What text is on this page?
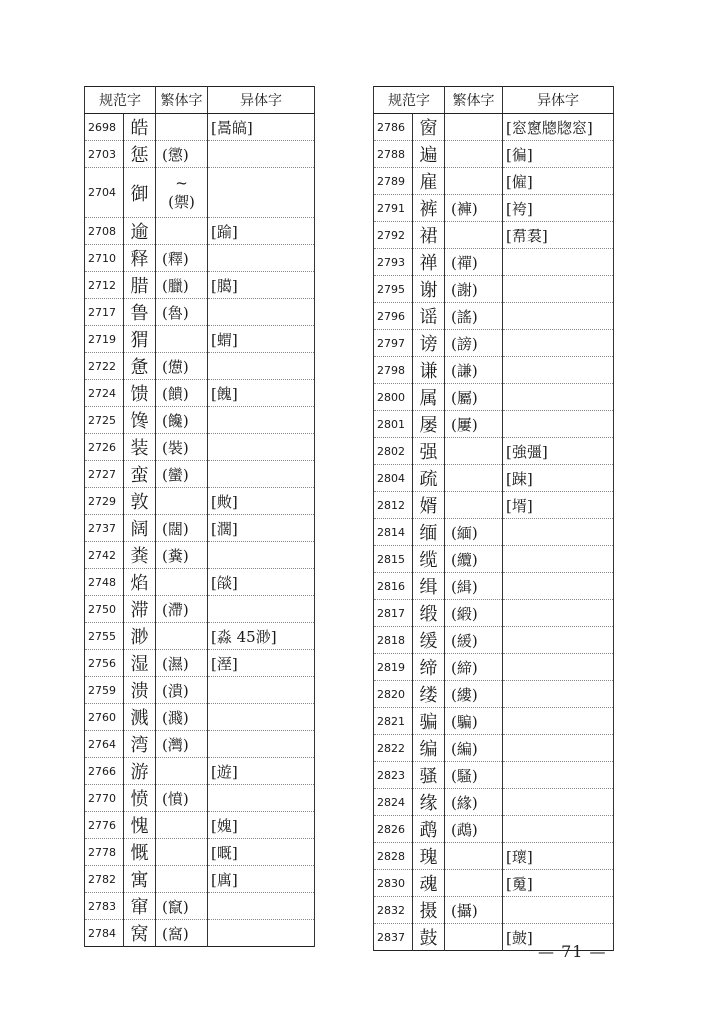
规范字		繁体字	异体字
2698	皓		[暠皜]
2703	惩	(懲)	
2704	御	~
(禦)	

2708	逾		[踰]
2710	释	(釋)	
2712	腊	(臘)	[臈]
2717	鲁	(魯)	
2719	猬		[蝟]
2722	惫	(憊)	
2724	馈	(饋)	[餽]
2725	馋	(饞)	
2726	装	(裝)	
2727	蛮	(蠻)	
2729	敦		[敟]
2737	阔	(闊)	[濶]
2742	粪	(糞)	
2748	焰		[燄]
2750	滞	(滯)	
2755	渺		[淼 45渺]
2756	湿	(濕)	[溼]
2759	溃	(潰)	
2760	溅	(濺)	
2764	湾	(灣)	
2766	游		[遊]
2770	愤	(憤)	
2776	愧		[媿]
2778	慨		[嘅]
2782	寓		[庽]
2783	窜	(竄)	
2784	窝	(窩)	
规范字		繁体字	异体字
2786	窗		[窓窻牕牎窓]
2788	遍		[徧]
2789	雇		[僱]
2791	裤	(褲)	[袴]
2792	裙		[帬裠]
2793	禅	(禪)	
2795	谢	(謝)	
2796	谣	(謠)	
2797	谤	(謗)	
2798	谦	(謙)	
2800	属	(屬)	
2801	屡	(屢)	
2802	强		[強彊]
2804	疏		[踈]
2812	婿		[壻]
2814	缅	(緬)	
2815	缆	(纜)	
2816	缉	(緝)	
2817	缎	(緞)	
2818	缓	(緩)	
2819	缔	(締)	
2820	缕	(縷)	
2821	骗	(騙)	
2822	编	(編)	
2823	骚	(騷)	
2824	缘	(緣)	
2826	鹉	(鵡)	
2828	瑰		[瓌]
2830	魂		[䰟]
2832	摄	(攝)	
2837	鼓		[皷]
— 71 —
